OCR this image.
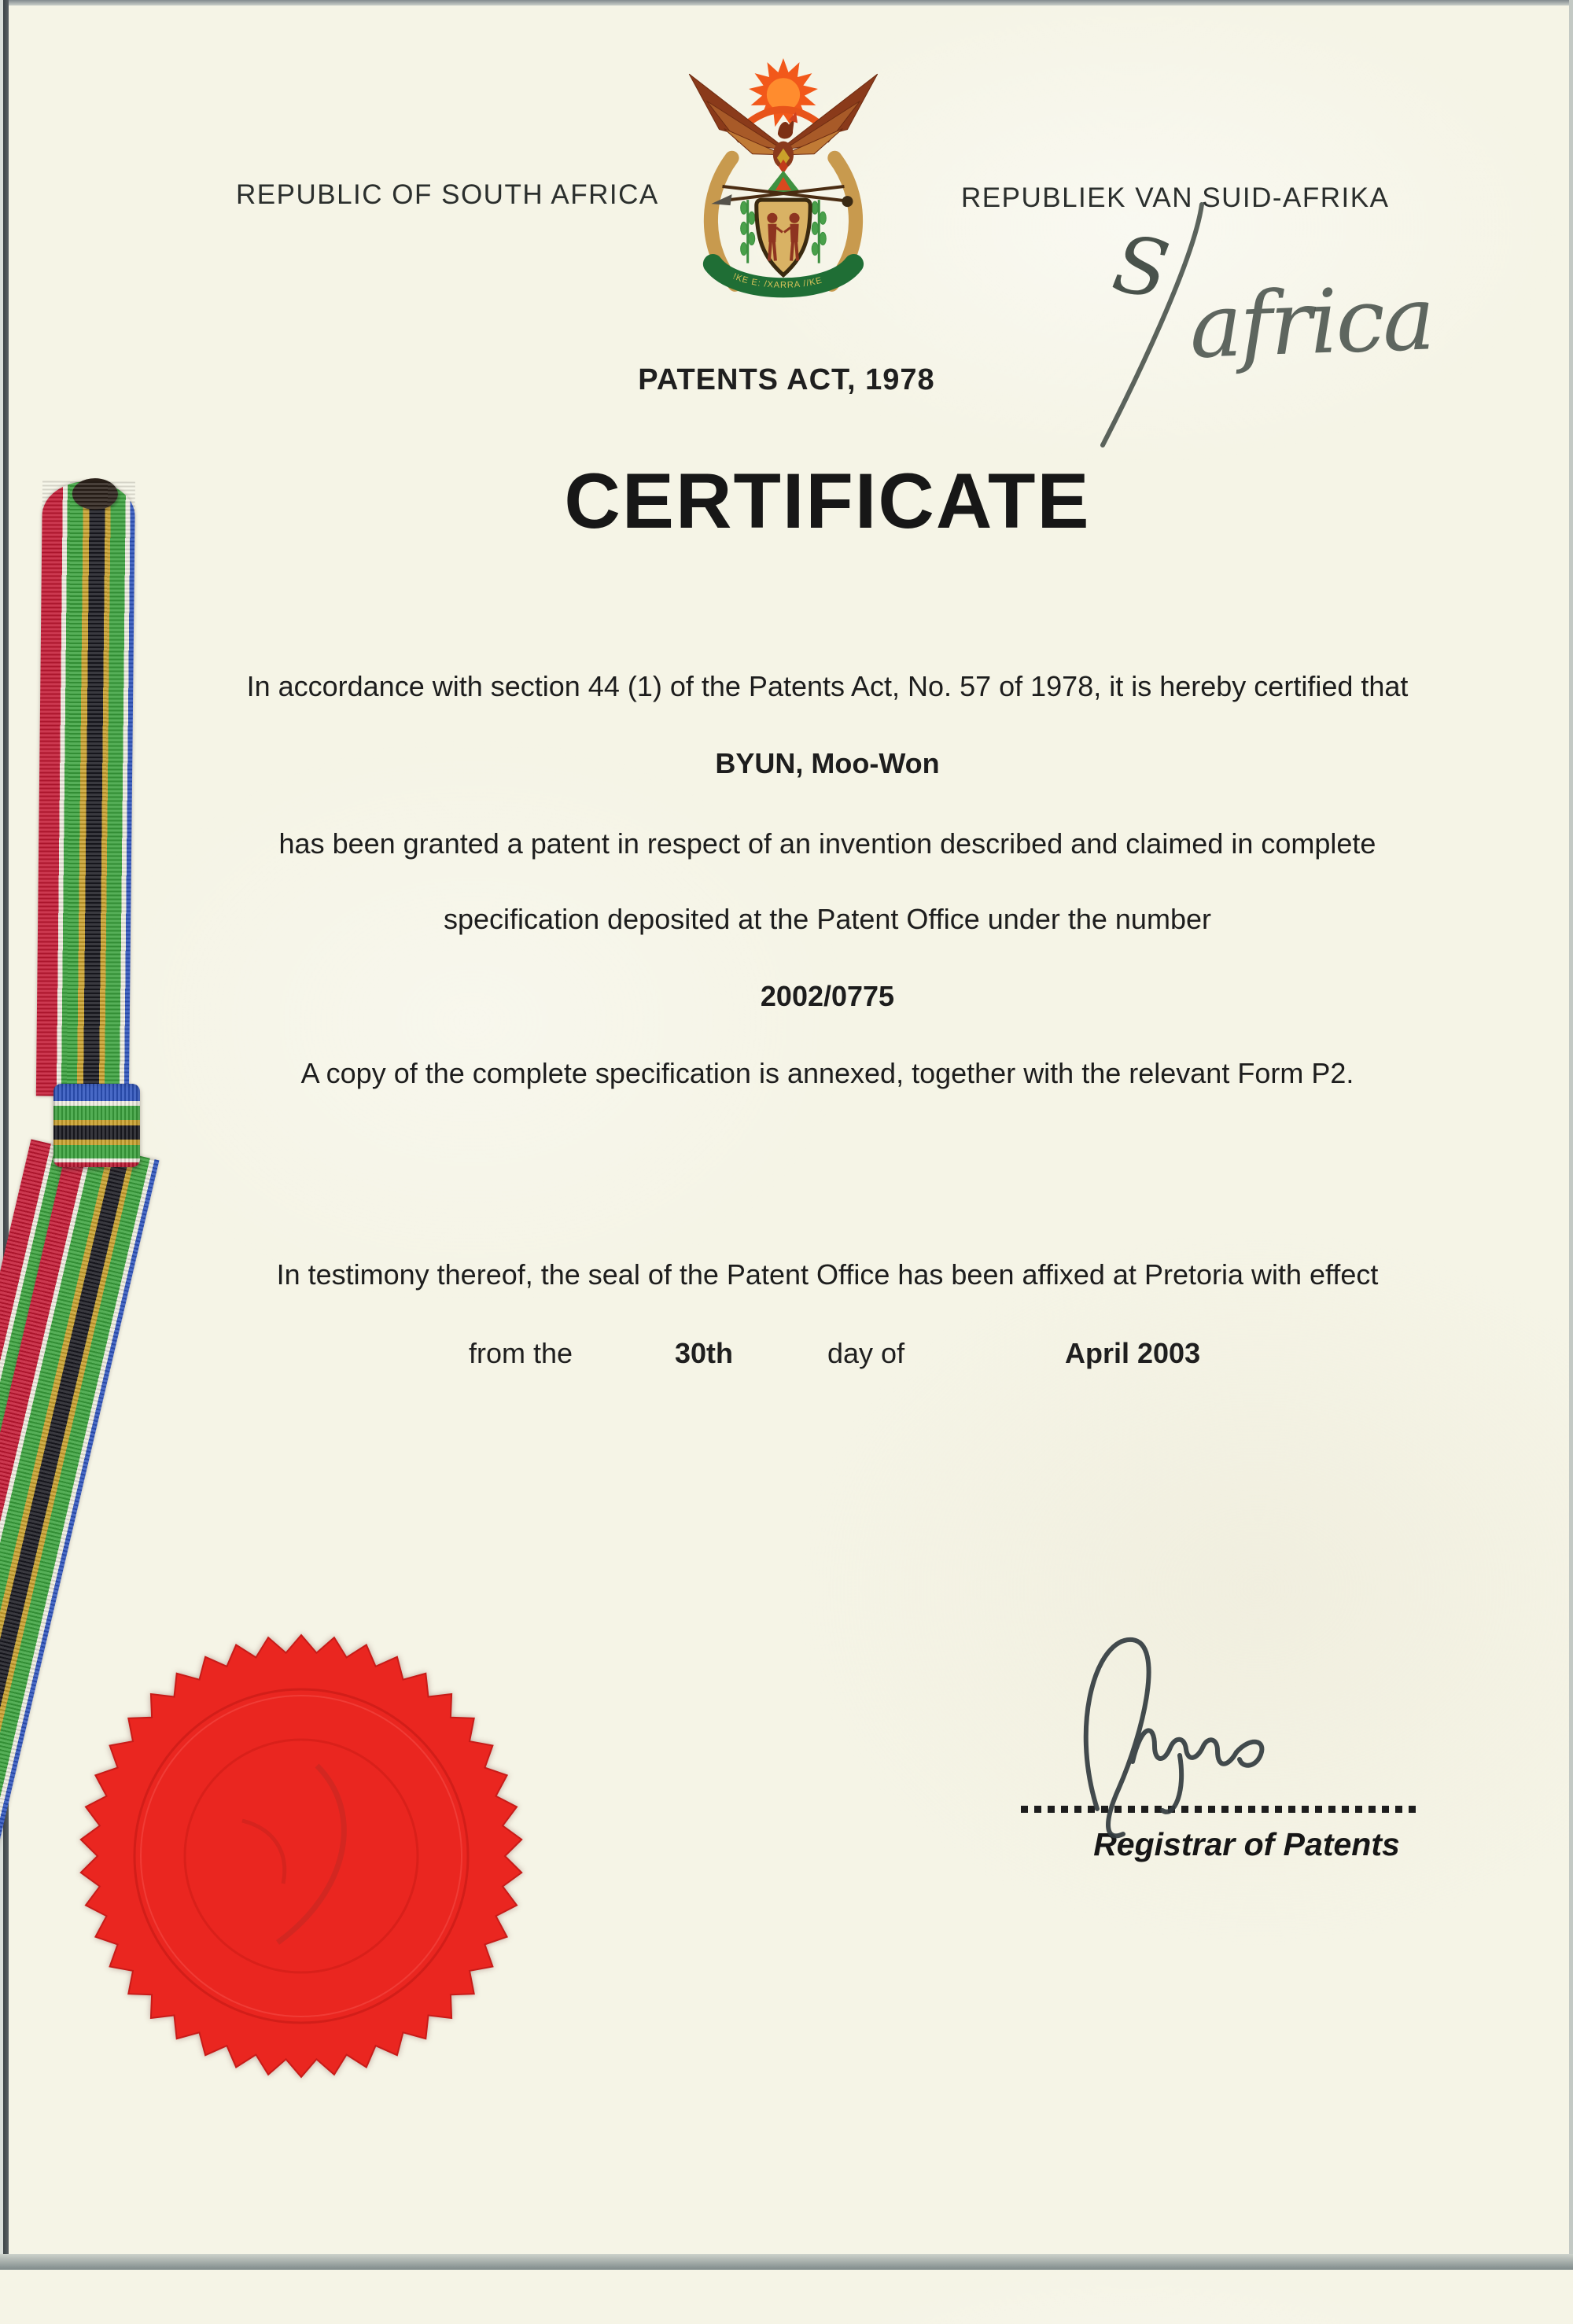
REPUBLIC OF SOUTH AFRICA	REPUBLIEK VAN SUID-AFRIKA
!KE E: /XARRA //KE	S
africa
PATENTS ACT, 1978
CERTIFICATE
In accordance with section 44 (1) of the Patents Act, No. 57 of 1978, it is hereby certified that
BYUN, Moo-Won
has been granted a patent in respect of an invention described and claimed in complete
specification deposited at the Patent Office under the number
2002/0775
A copy of the complete specification is annexed, together with the relevant Form P2.
In testimony thereof, the seal of the Patent Office has been affixed at Pretoria with effect
from the	30th	day of	April 2003
Registrar of Patents
